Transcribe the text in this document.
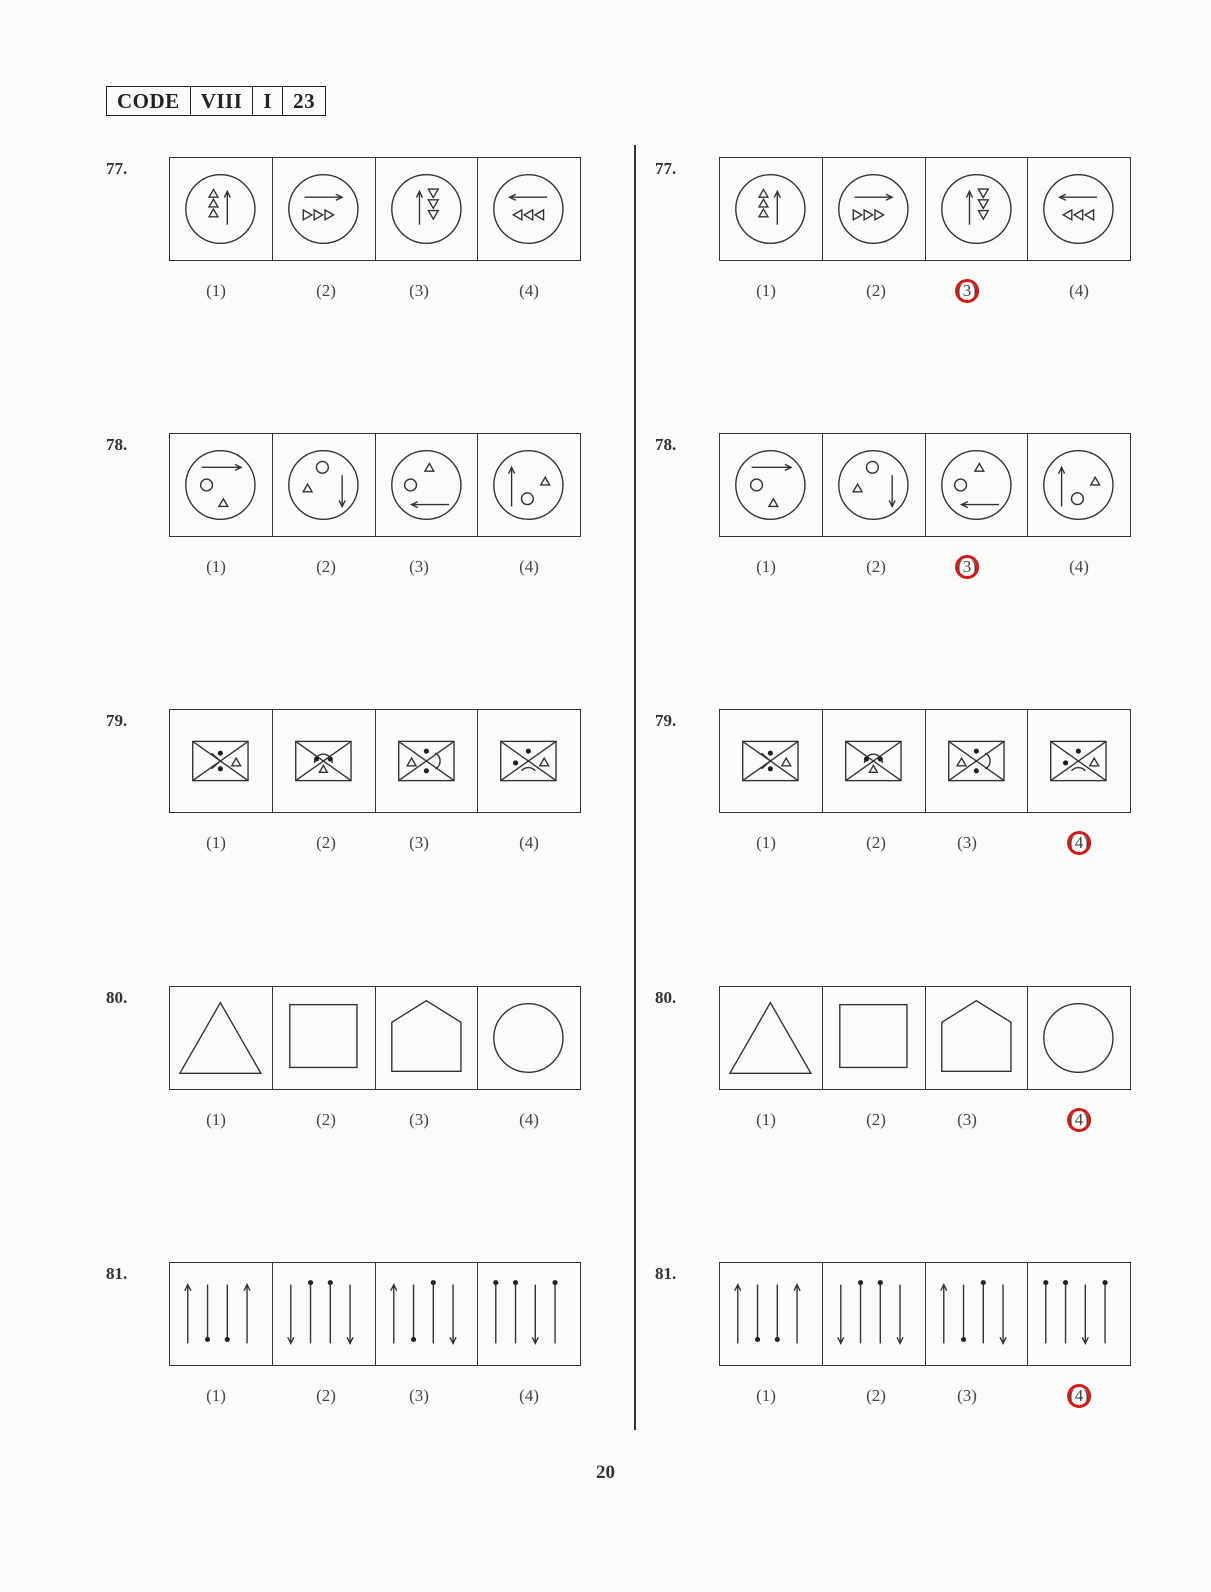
CODE	VIII	I	23
77.
(1)	(2)	(3)	(4)
77.
(1)	(2)	(3)	(4)
78.
(1)	(2)	(3)	(4)
78.
(1)	(2)	(3)	(4)
79.
(1)	(2)	(3)	(4)
79.
(1)	(2)	(3)	(4)
80.
(1)	(2)	(3)	(4)
80.
(1)	(2)	(3)	(4)
81.
(1)	(2)	(3)	(4)
81.
(1)	(2)	(3)	(4)
20
